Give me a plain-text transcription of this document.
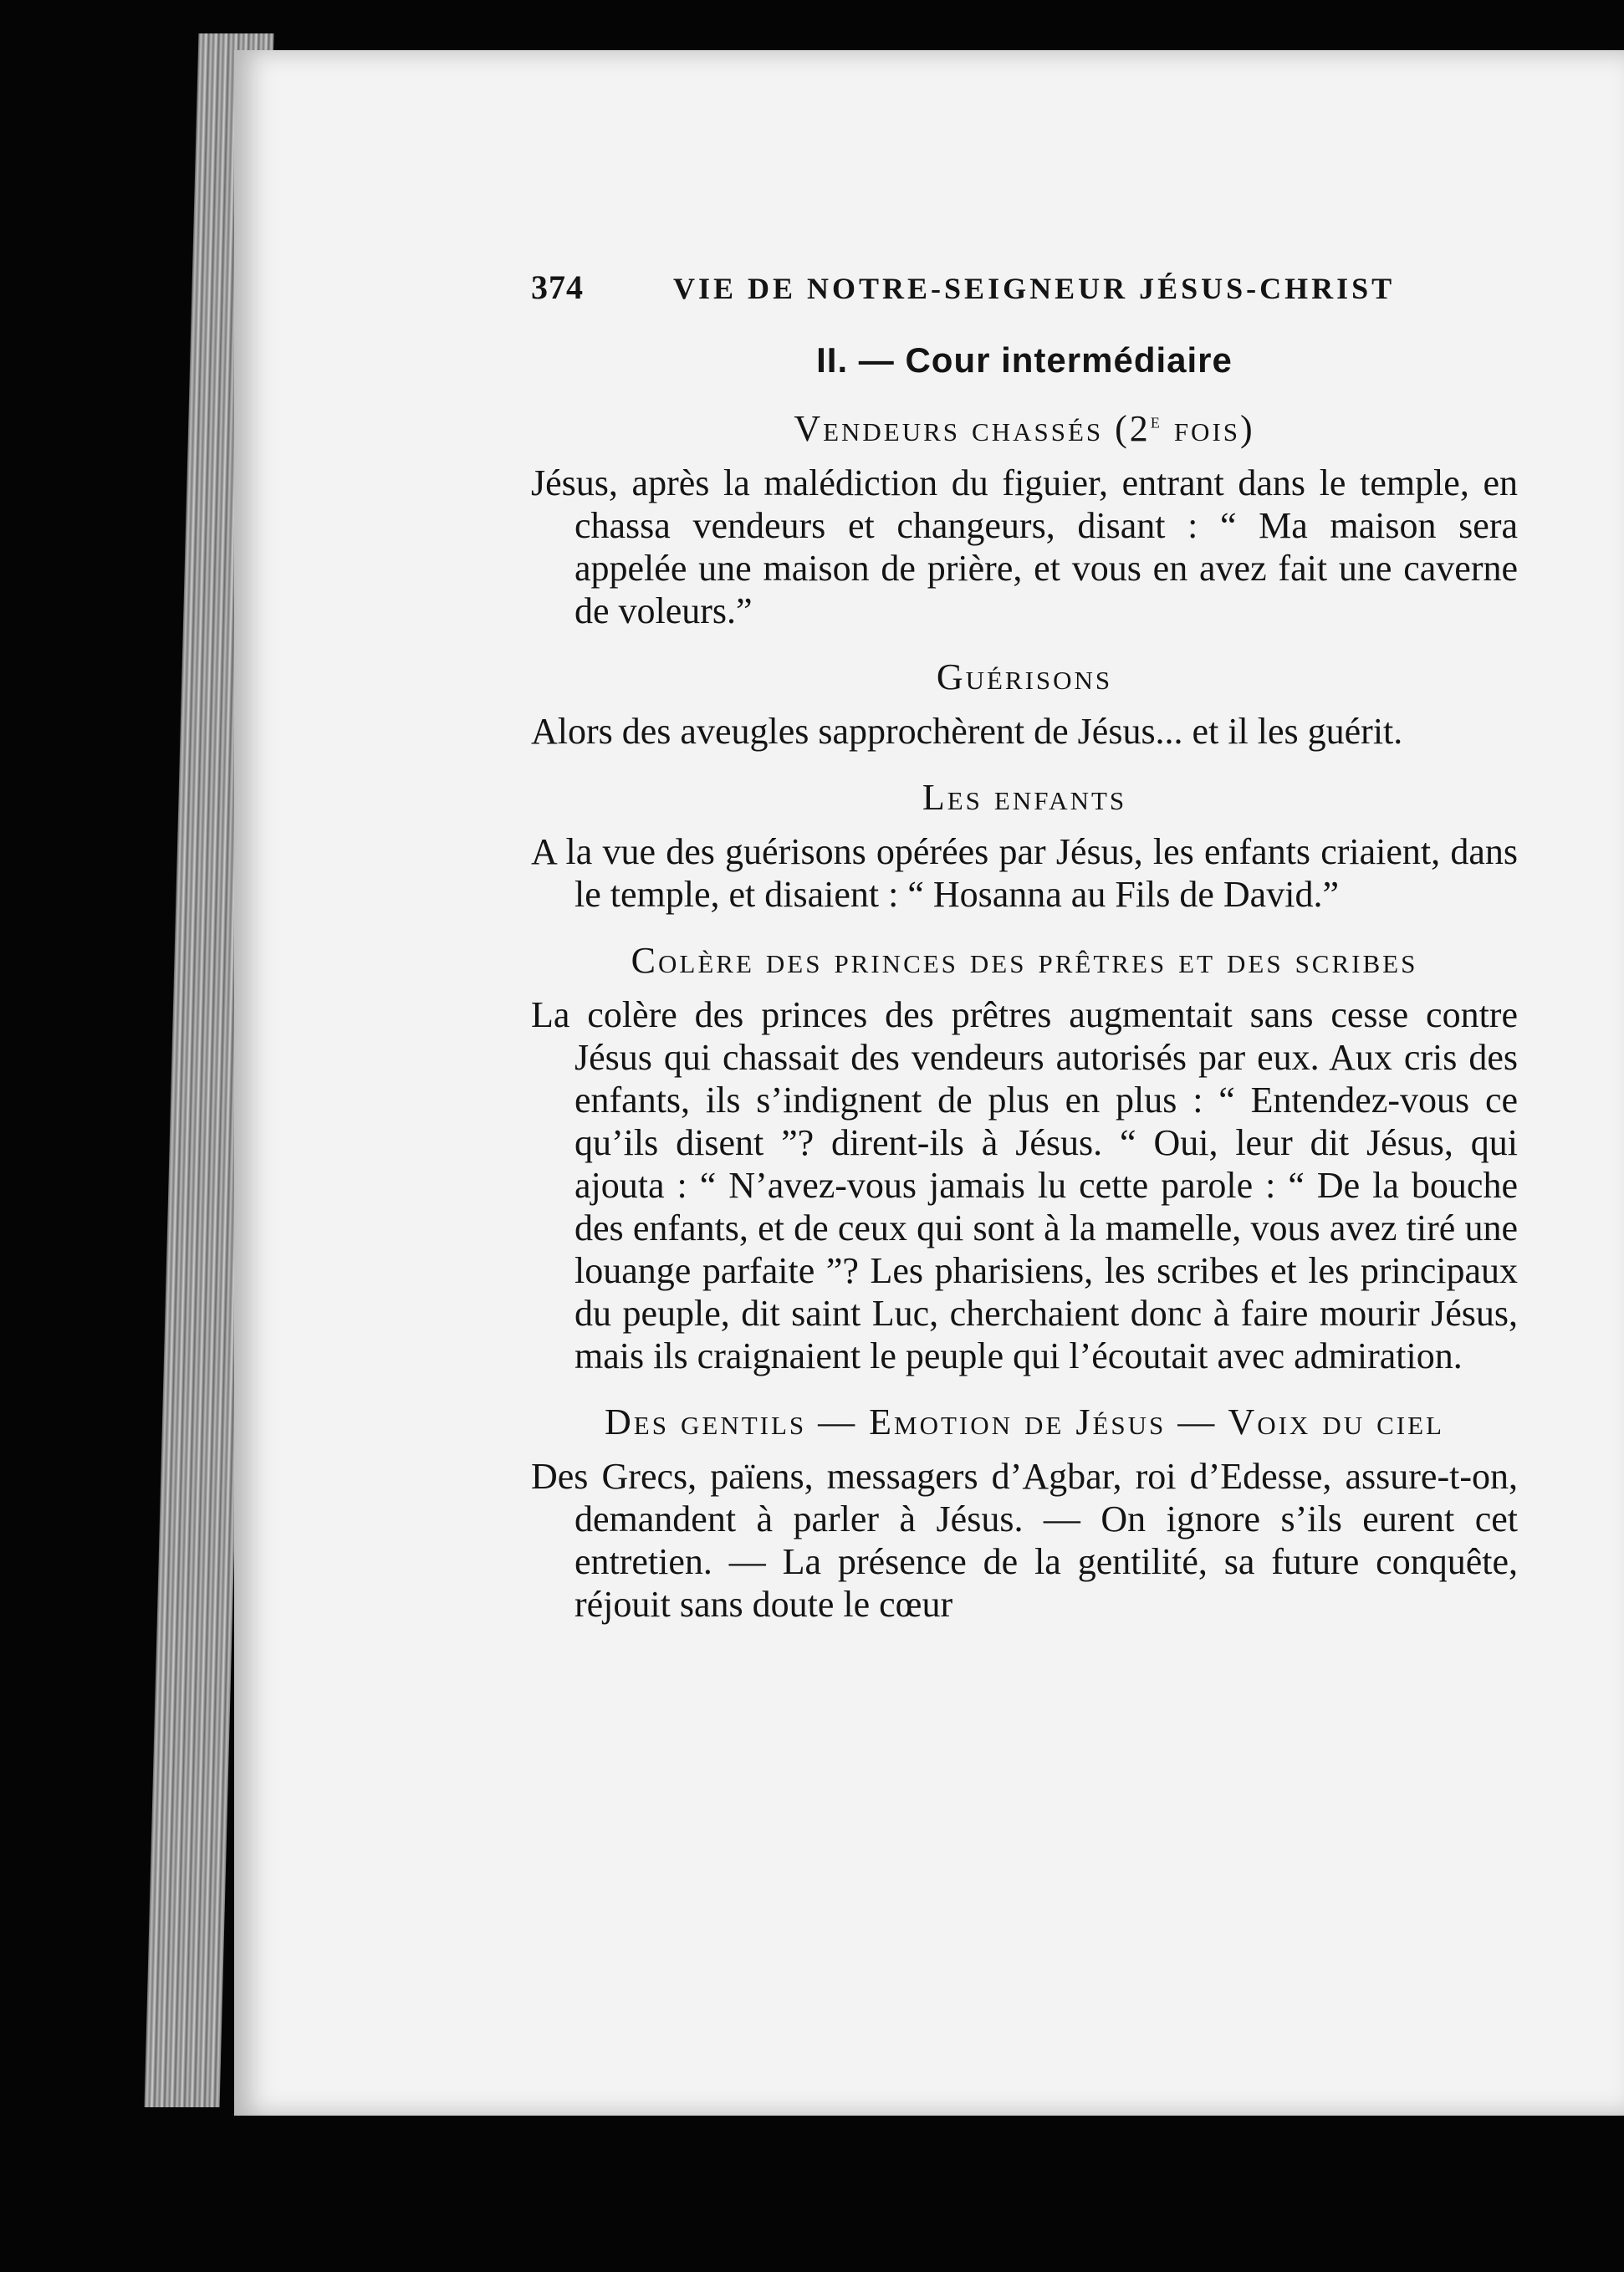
374	VIE DE NOTRE-SEIGNEUR JÉSUS-CHRIST
II. — Cour intermédiaire
Vendeurs chassés (2e fois)

Jésus, après la malédiction du figuier, entrant dans le temple, en chassa vendeurs et changeurs, disant : “ Ma maison sera appelée une maison de prière, et vous en avez fait une caverne de voleurs.”

Guérisons

Alors des aveugles sapprochèrent de Jésus... et il les guérit.

Les enfants

A la vue des guérisons opérées par Jésus, les enfants criaient, dans le temple, et disaient : “ Hosanna au Fils de David.”

Colère des princes des prêtres et des scribes

La colère des princes des prêtres augmentait sans cesse contre Jésus qui chassait des vendeurs autorisés par eux. Aux cris des enfants, ils s’indignent de plus en plus : “ Entendez-vous ce qu’ils disent ”? dirent-ils à Jésus. “ Oui, leur dit Jésus, qui ajouta : “ N’avez-vous jamais lu cette parole : “ De la bouche des enfants, et de ceux qui sont à la mamelle, vous avez tiré une louange parfaite ”? Les pharisiens, les scribes et les principaux du peuple, dit saint Luc, cherchaient donc à faire mourir Jésus, mais ils craignaient le peuple qui l’écoutait avec admiration.

Des gentils — Emotion de Jésus — Voix du ciel

Des Grecs, païens, messagers d’Agbar, roi d’Edesse, assure-t-on, demandent à parler à Jésus. — On ignore s’ils eurent cet entretien. — La présence de la gentilité, sa future conquête, réjouit sans doute le cœur
